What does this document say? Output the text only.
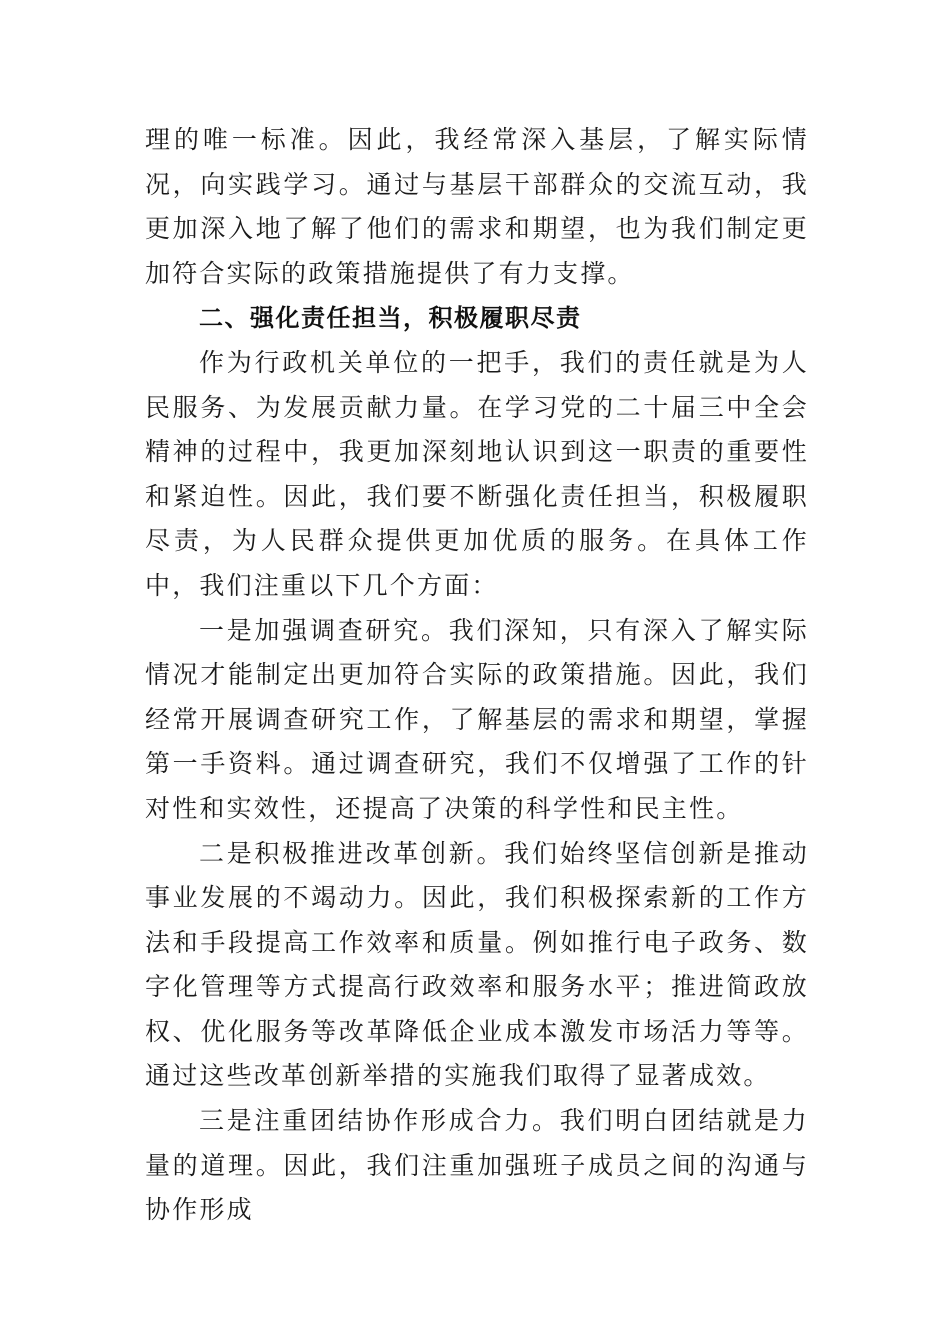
理的唯一标准。因此，我经常深入基层，了解实际情况，向实践学习。通过与基层干部群众的交流互动，我更加深入地了解了他们的需求和期望，也为我们制定更加符合实际的政策措施提供了有力支撑。

二、强化责任担当，积极履职尽责

作为行政机关单位的一把手，我们的责任就是为人民服务、为发展贡献力量。在学习党的二十届三中全会精神的过程中，我更加深刻地认识到这一职责的重要性和紧迫性。因此，我们要不断强化责任担当，积极履职尽责，为人民群众提供更加优质的服务。在具体工作中，我们注重以下几个方面：

一是加强调查研究。我们深知，只有深入了解实际情况才能制定出更加符合实际的政策措施。因此，我们经常开展调查研究工作，了解基层的需求和期望，掌握第一手资料。通过调查研究，我们不仅增强了工作的针对性和实效性，还提高了决策的科学性和民主性。

二是积极推进改革创新。我们始终坚信创新是推动事业发展的不竭动力。因此，我们积极探索新的工作方法和手段提高工作效率和质量。例如推行电子政务、数字化管理等方式提高行政效率和服务水平；推进简政放权、优化服务等改革降低企业成本激发市场活力等等。通过这些改革创新举措的实施我们取得了显著成效。

三是注重团结协作形成合力。我们明白团结就是力量的道理。因此，我们注重加强班子成员之间的沟通与协作形成
